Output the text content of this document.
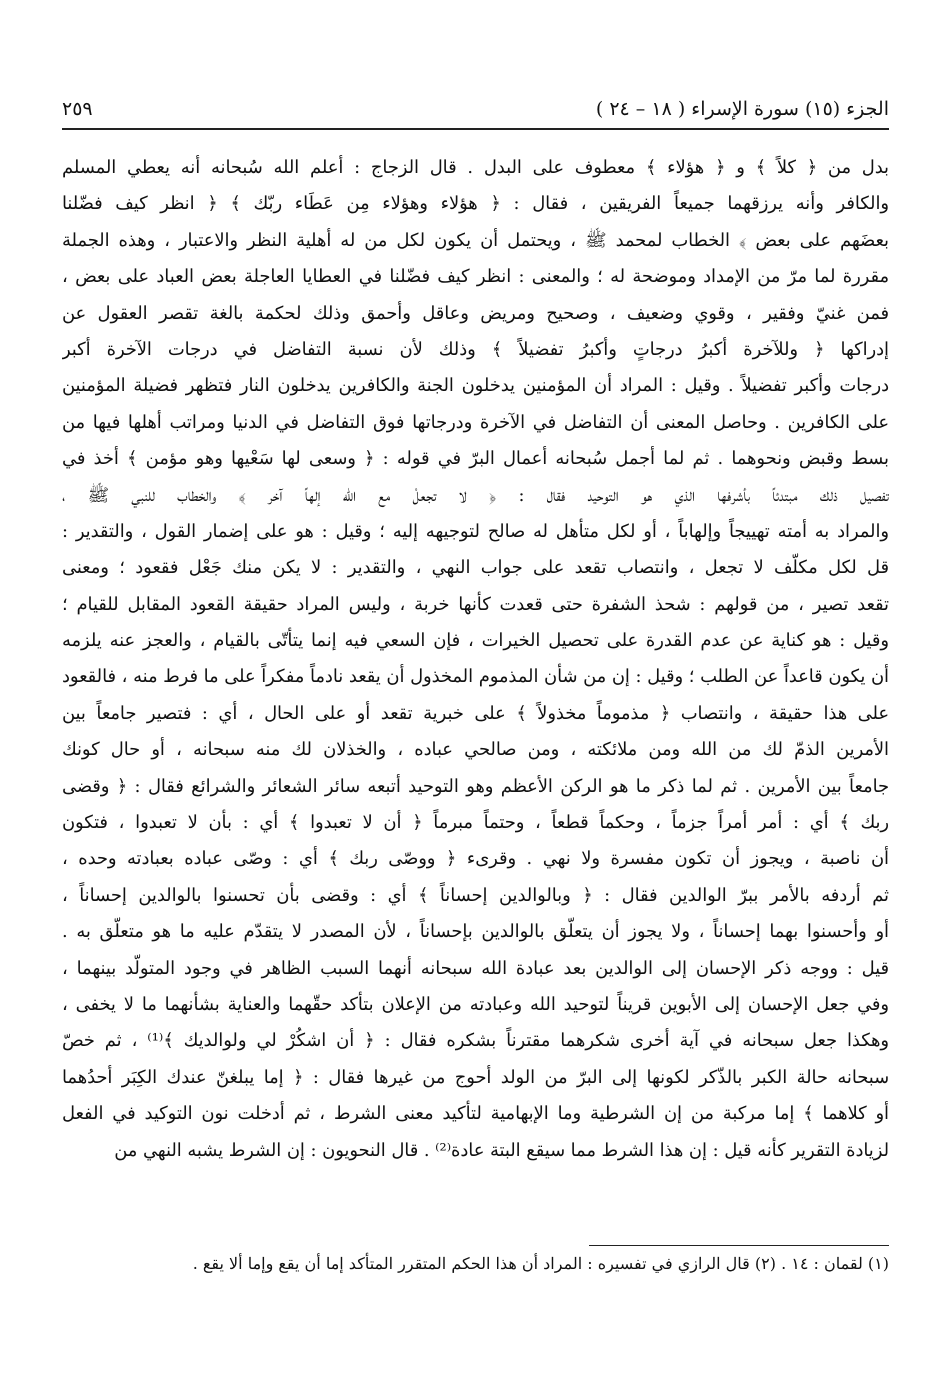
الجزء (١٥) سورة الإسراء ( ١٨ – ٢٤ )
٢٥٩
بدل من ﴿ كلاً ﴾ و ﴿ هؤلاء ﴾ معطوف على البدل . قال الزجاج : أعلم الله سُبحانه أنه يعطي المسلم
والكافر وأنه يرزقهما جميعاً الفريقين ، فقال : ﴿ هؤلاء وهؤلاء مِن عَطَاء ربّك ﴾ ﴿ انظر كيف فضّلنا
بعضَهم على بعض ﴾ الخطاب لمحمد ﷺ ، ويحتمل أن يكون لكل من له أهلية النظر والاعتبار ، وهذه الجملة
مقررة لما مرّ من الإمداد وموضحة له ؛ والمعنى : انظر كيف فضّلنا في العطايا العاجلة بعض العباد على بعض ،
فمن غنيّ وفقير ، وقوي وضعيف ، وصحيح ومريض وعاقل وأحمق وذلك لحكمة بالغة تقصر العقول عن
إدراكها ﴿ وللآخرة أكبرُ درجاتٍ وأكبرُ تفضيلاً ﴾ وذلك لأن نسبة التفاضل في درجات الآخرة أكبر
درجات وأكبر تفضيلاً . وقيل : المراد أن المؤمنين يدخلون الجنة والكافرين يدخلون النار فتظهر فضيلة المؤمنين
على الكافرين . وحاصل المعنى أن التفاضل في الآخرة ودرجاتها فوق التفاضل في الدنيا ومراتب أهلها فيها من
بسط وقبض ونحوهما . ثم لما أجمل سُبحانه أعمال البرّ في قوله : ﴿ وسعى لها سَعْيها وهو مؤمن ﴾ أخذ في
تفصيل ذلك مبتدئاً بأشرفها الذي هو التوحيد فقال : ﴿ لا تجعلْ مع الله إلهاً آخر ﴾ والخطاب للنبي ﷺ ،
والمراد به أمته تهييجاً وإلهاباً ، أو لكل متأهل له صالح لتوجيهه إليه ؛ وقيل : هو على إضمار القول ، والتقدير :
قل لكل مكلّف لا تجعل ، وانتصاب تقعد على جواب النهي ، والتقدير : لا يكن منك جَعْل فقعود ؛ ومعنى
تقعد تصير ، من قولهم : شحذ الشفرة حتى قعدت كأنها خربة ، وليس المراد حقيقة القعود المقابل للقيام ؛
وقيل : هو كناية عن عدم القدرة على تحصيل الخيرات ، فإن السعي فيه إنما يتأتّى بالقيام ، والعجز عنه يلزمه
أن يكون قاعداً عن الطلب ؛ وقيل : إن من شأن المذموم المخذول أن يقعد نادماً مفكراً على ما فرط منه ، فالقعود
على هذا حقيقة ، وانتصاب ﴿ مذموماً مخذولاً ﴾ على خبرية تقعد أو على الحال ، أي : فتصير جامعاً بين
الأمرين الذمّ لك من الله ومن ملائكته ، ومن صالحي عباده ، والخذلان لك منه سبحانه ، أو حال كونك
جامعاً بين الأمرين . ثم لما ذكر ما هو الركن الأعظم وهو التوحيد أتبعه سائر الشعائر والشرائع فقال : ﴿ وقضى
ربك ﴾ أي : أمر أمراً جزماً ، وحكماً قطعاً ، وحتماً مبرماً ﴿ أن لا تعبدوا ﴾ أي : بأن لا تعبدوا ، فتكون
أن ناصبة ، ويجوز أن تكون مفسرة ولا نهي . وقرىء ﴿ ووصّى ربك ﴾ أي : وصّى عباده بعبادته وحده ،
ثم أردفه بالأمر ببرّ الوالدين فقال : ﴿ وبالوالدين إحساناً ﴾ أي : وقضى بأن تحسنوا بالوالدين إحساناً ،
أو وأحسنوا بهما إحساناً ، ولا يجوز أن يتعلّق بالوالدين بإحساناً ، لأن المصدر لا يتقدّم عليه ما هو متعلّق به .
قيل : ووجه ذكر الإحسان إلى الوالدين بعد عبادة الله سبحانه أنهما السبب الظاهر في وجود المتولّد بينهما ،
وفي جعل الإحسان إلى الأبوين قريناً لتوحيد الله وعبادته من الإعلان بتأكد حقّهما والعناية بشأنهما ما لا يخفى ،
وهكذا جعل سبحانه في آية أخرى شكرهما مقترناً بشكره فقال : ﴿ أن اشكُرْ لي ولوالديك ﴾⁽¹⁾ ، ثم خصّ
سبحانه حالة الكبر بالذّكر لكونها إلى البرّ من الولد أحوج من غيرها فقال : ﴿ إما يبلغنّ عندك الكِبَر أحدُهما
أو كلاهما ﴾ إما مركبة من إن الشرطية وما الإبهامية لتأكيد معنى الشرط ، ثم أدخلت نون التوكيد في الفعل
لزيادة التقرير كأنه قيل : إن هذا الشرط مما سيقع البتة عادة⁽²⁾ . قال النحويون : إن الشرط يشبه النهي من
(١) لقمان : ١٤ . (٢) قال الرازي في تفسيره : المراد أن هذا الحكم المتقرر المتأكد إما أن يقع وإما ألا يقع .
